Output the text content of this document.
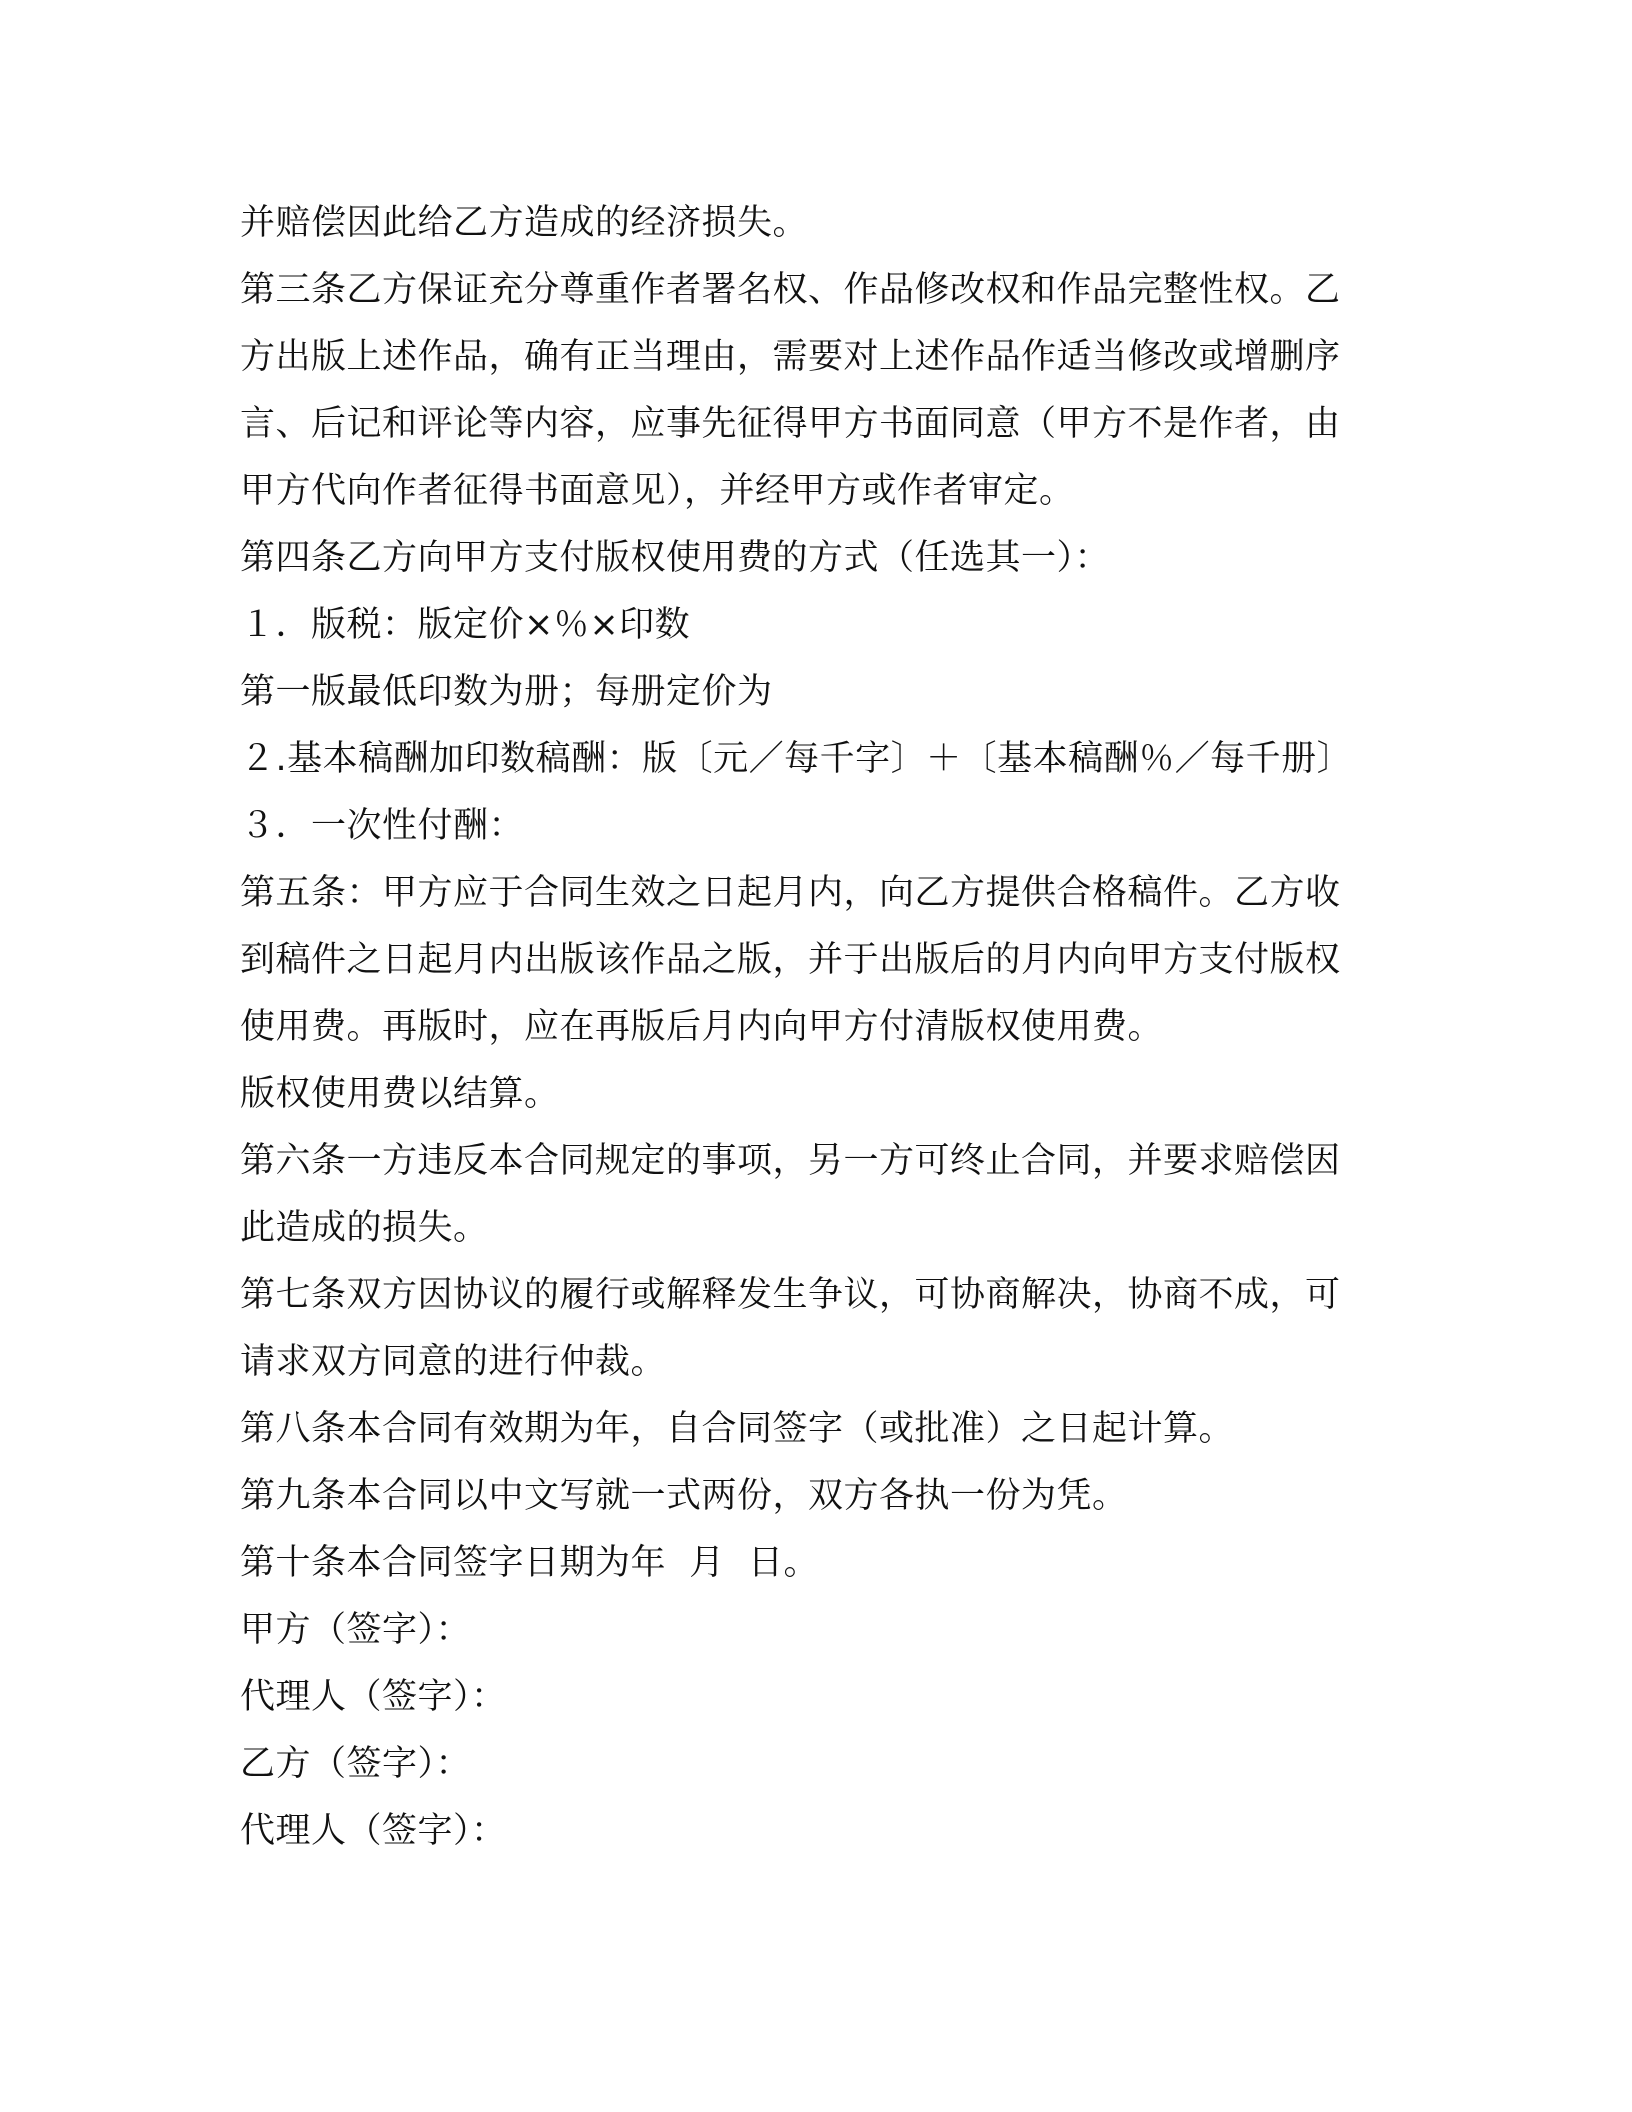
并赔偿因此给乙方造成的经济损失。
第三条乙方保证充分尊重作者署名权、作品修改权和作品完整性权。乙
方出版上述作品，确有正当理由，需要对上述作品作适当修改或增删序
言、后记和评论等内容，应事先征得甲方书面同意（甲方不是作者，由
甲方代向作者征得书面意见），并经甲方或作者审定。
第四条乙方向甲方支付版权使用费的方式（任选其一）：
１．版税：版定价×％×印数
第一版最低印数为册；每册定价为
２.基本稿酬加印数稿酬：版〔元／每千字〕＋〔基本稿酬％／每千册〕
３．一次性付酬：
第五条：甲方应于合同生效之日起月内，向乙方提供合格稿件。乙方收
到稿件之日起月内出版该作品之版，并于出版后的月内向甲方支付版权
使用费。再版时，应在再版后月内向甲方付清版权使用费。
版权使用费以结算。
第六条一方违反本合同规定的事项，另一方可终止合同，并要求赔偿因
此造成的损失。
第七条双方因协议的履行或解释发生争议，可协商解决，协商不成，可
请求双方同意的进行仲裁。
第八条本合同有效期为年，自合同签字（或批准）之日起计算。
第九条本合同以中文写就一式两份，双方各执一份为凭。
第十条本合同签字日期为年  月  日。
甲方（签字）：
代理人（签字）：
乙方（签字）：
代理人（签字）：
